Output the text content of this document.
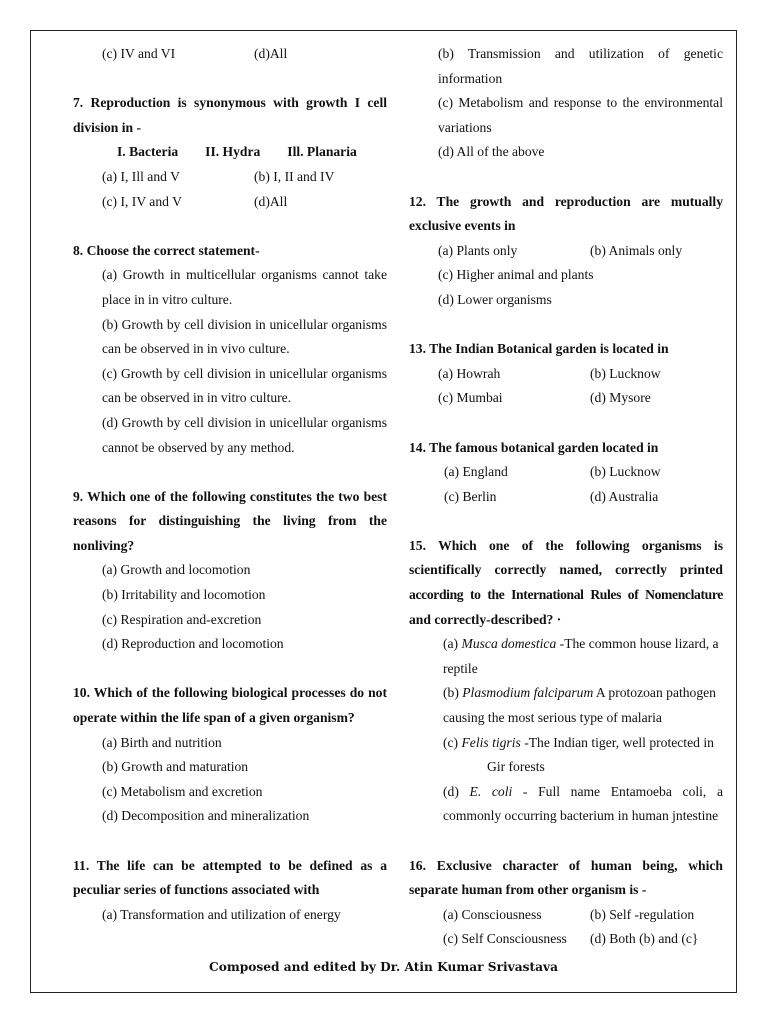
(c) IV and VI	(d)All
7. Reproduction is synonymous with growth I cell
division in -
I. Bacteria II. Hydra Ill. Planaria
(a) I, Ill and V	(b) I, II and IV
(c) I, IV and V	(d)All
8. Choose the correct statement-
(a) Growth in multicellular organisms cannot take
place in in vitro culture.
(b) Growth by cell division in unicellular organisms
can be observed in in vivo culture.
(c) Growth by cell division in unicellular organisms
can be observed in in vitro culture.
(d) Growth by cell division in unicellular organisms
cannot be observed by any method.
9. Which one of the following constitutes the two best
reasons for distinguishing the living from the
nonliving?
(a) Growth and locomotion
(b) Irritability and locomotion
(c) Respiration and-excretion
(d) Reproduction and locomotion
10. Which of the following biological processes do not
operate within the life span of a given organism?
(a) Birth and nutrition
(b) Growth and maturation
(c) Metabolism and excretion
(d) Decomposition and mineralization
11. The life can be attempted to be defined as a
peculiar series of functions associated with
(a) Transformation and utilization of energy
(b) Transmission and utilization of genetic
information
(c) Metabolism and response to the environmental
variations
(d) All of the above
12. The growth and reproduction are mutually
exclusive events in
(a) Plants only	(b) Animals only
(c) Higher animal and plants
(d) Lower organisms
13. The Indian Botanical garden is located in
(a) Howrah	(b) Lucknow
(c) Mumbai	(d) Mysore
14. The famous botanical garden located in
(a) England	(b) Lucknow
(c) Berlin	(d) Australia
15. Which one of the following organisms is
scientifically correctly named, correctly printed
according to the International Rules of Nomenclature
and correctly-described? ·
(a) Musca domestica -The common house lizard, a
reptile
(b) Plasmodium falciparum A protozoan pathogen
causing the most serious type of malaria
(c) Felis tigris -The Indian tiger, well protected in
Gir forests
(d) E. coli - Full name Entamoeba coli, a
commonly occurring bacterium in human jntestine
16. Exclusive character of human being, which
separate human from other organism is -
(a) Consciousness	(b) Self -regulation
(c) Self Consciousness	(d) Both (b) and (c}
Composed and edited by Dr. Atin Kumar Srivastava
